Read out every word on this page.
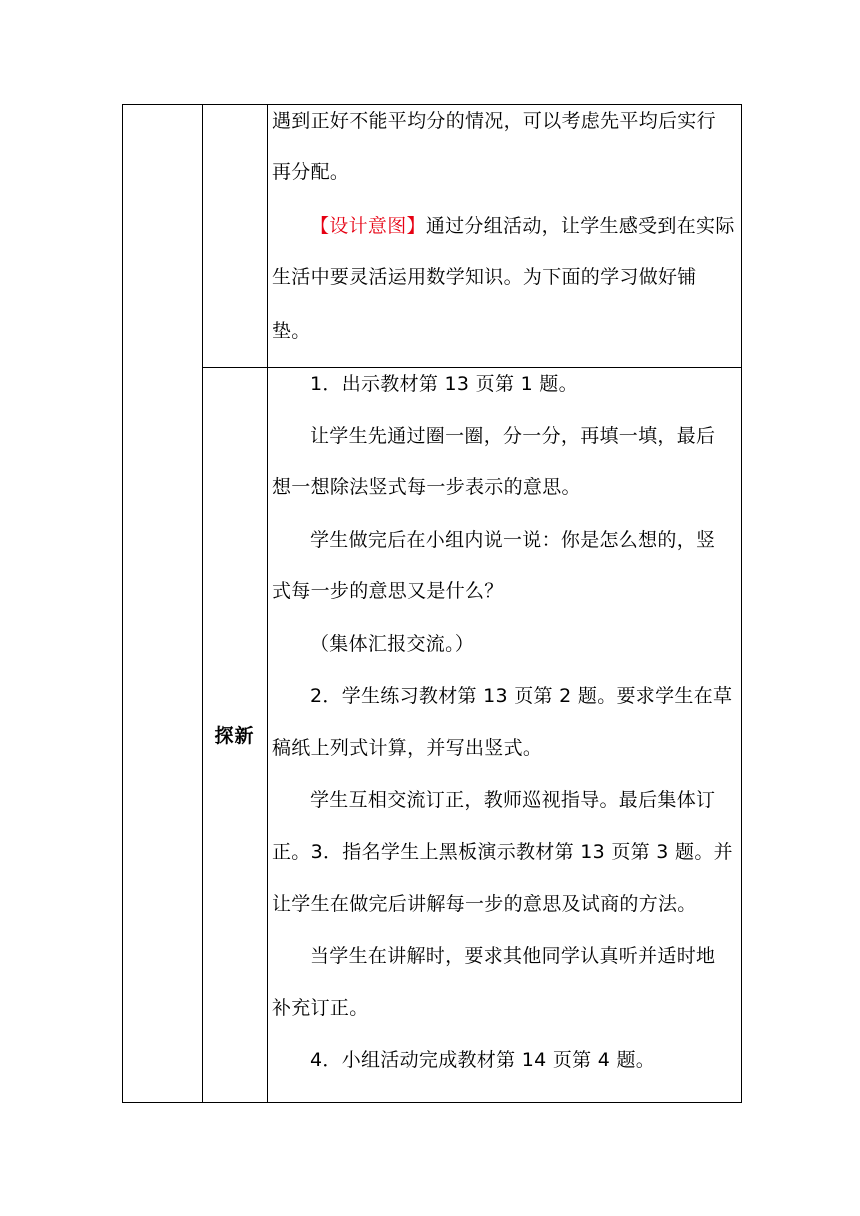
遇到正好不能平均分的情况，可以考虑先平均后实行
再分配。
【设计意图】通过分组活动，让学生感受到在实际
生活中要灵活运用数学知识。为下面的学习做好铺
垫。
探新
1．出示教材第 13 页第 1 题。
让学生先通过圈一圈，分一分，再填一填，最后
想一想除法竖式每一步表示的意思。
学生做完后在小组内说一说：你是怎么想的，竖
式每一步的意思又是什么？
（集体汇报交流。）
2．学生练习教材第 13 页第 2 题。要求学生在草
稿纸上列式计算，并写出竖式。
学生互相交流订正，教师巡视指导。最后集体订
正。3．指名学生上黑板演示教材第 13 页第 3 题。并
让学生在做完后讲解每一步的意思及试商的方法。
当学生在讲解时，要求其他同学认真听并适时地
补充订正。
4．小组活动完成教材第 14 页第 4 题。
